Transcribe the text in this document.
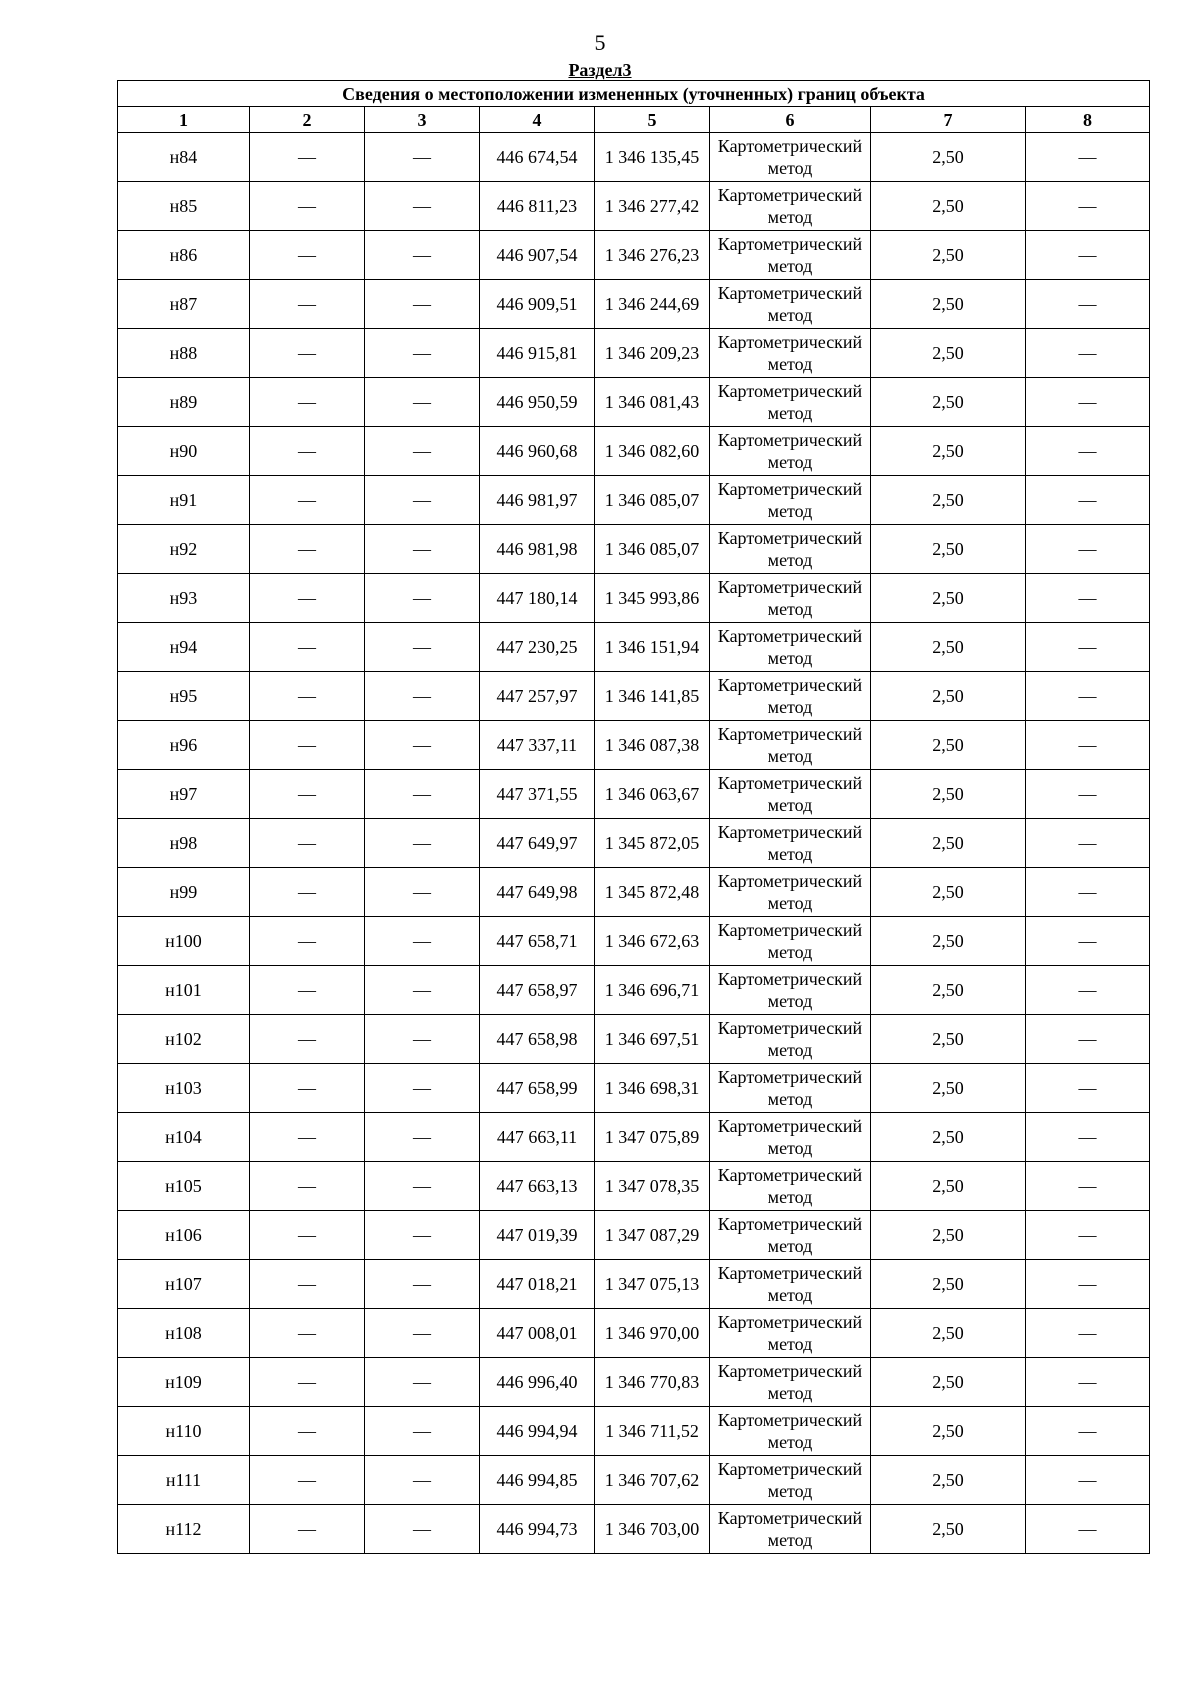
5
Раздел3
Сведения о местоположении измененных (уточненных) границ объекта							
1	2	3	4	5	6	7	8
н84	—	—	446 674,54	1 346 135,45	Картометрический метод	2,50	—
н85	—	—	446 811,23	1 346 277,42	Картометрический метод	2,50	—
н86	—	—	446 907,54	1 346 276,23	Картометрический метод	2,50	—
н87	—	—	446 909,51	1 346 244,69	Картометрический метод	2,50	—
н88	—	—	446 915,81	1 346 209,23	Картометрический метод	2,50	—
н89	—	—	446 950,59	1 346 081,43	Картометрический метод	2,50	—
н90	—	—	446 960,68	1 346 082,60	Картометрический метод	2,50	—
н91	—	—	446 981,97	1 346 085,07	Картометрический метод	2,50	—
н92	—	—	446 981,98	1 346 085,07	Картометрический метод	2,50	—
н93	—	—	447 180,14	1 345 993,86	Картометрический метод	2,50	—
н94	—	—	447 230,25	1 346 151,94	Картометрический метод	2,50	—
н95	—	—	447 257,97	1 346 141,85	Картометрический метод	2,50	—
н96	—	—	447 337,11	1 346 087,38	Картометрический метод	2,50	—
н97	—	—	447 371,55	1 346 063,67	Картометрический метод	2,50	—
н98	—	—	447 649,97	1 345 872,05	Картометрический метод	2,50	—
н99	—	—	447 649,98	1 345 872,48	Картометрический метод	2,50	—
н100	—	—	447 658,71	1 346 672,63	Картометрический метод	2,50	—
н101	—	—	447 658,97	1 346 696,71	Картометрический метод	2,50	—
н102	—	—	447 658,98	1 346 697,51	Картометрический метод	2,50	—
н103	—	—	447 658,99	1 346 698,31	Картометрический метод	2,50	—
н104	—	—	447 663,11	1 347 075,89	Картометрический метод	2,50	—
н105	—	—	447 663,13	1 347 078,35	Картометрический метод	2,50	—
н106	—	—	447 019,39	1 347 087,29	Картометрический метод	2,50	—
н107	—	—	447 018,21	1 347 075,13	Картометрический метод	2,50	—
н108	—	—	447 008,01	1 346 970,00	Картометрический метод	2,50	—
н109	—	—	446 996,40	1 346 770,83	Картометрический метод	2,50	—
н110	—	—	446 994,94	1 346 711,52	Картометрический метод	2,50	—
н111	—	—	446 994,85	1 346 707,62	Картометрический метод	2,50	—
н112	—	—	446 994,73	1 346 703,00	Картометрический метод	2,50	—
